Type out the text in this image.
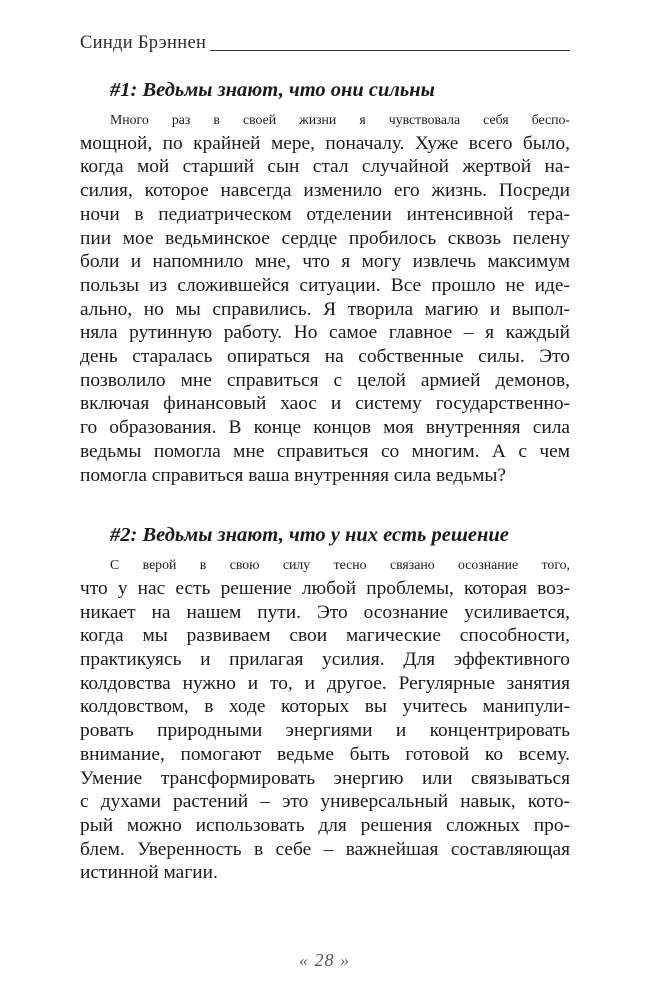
Синди Брэннен
#1: Ведьмы знают, что они сильны

Много раз в своей жизни я чувствовала себя беспо-
мощной, по крайней мере, поначалу. Хуже всего было,
когда мой старший сын стал случайной жертвой на-
силия, которое навсегда изменило его жизнь. Посреди
ночи в педиатрическом отделении интенсивной тера-
пии мое ведьминское сердце пробилось сквозь пелену
боли и напомнило мне, что я могу извлечь максимум
пользы из сложившейся ситуации. Все прошло не иде-
ально, но мы справились. Я творила магию и выпол-
няла рутинную работу. Но самое главное – я каждый
день старалась опираться на собственные силы. Это
позволило мне справиться с целой армией демонов,
включая финансовый хаос и систему государственно-
го образования. В конце концов моя внутренняя сила
ведьмы помогла мне справиться со многим. А с чем
помогла справиться ваша внутренняя сила ведьмы?

#2: Ведьмы знают, что у них есть решение

С верой в свою силу тесно связано осознание того,
что у нас есть решение любой проблемы, которая воз-
никает на нашем пути. Это осознание усиливается,
когда мы развиваем свои магические способности,
практикуясь и прилагая усилия. Для эффективного
колдовства нужно и то, и другое. Регулярные занятия
колдовством, в ходе которых вы учитесь манипули-
ровать природными энергиями и концентрировать
внимание, помогают ведьме быть готовой ко всему.
Умение трансформировать энергию или связываться
с духами растений – это универсальный навык, кото-
рый можно использовать для решения сложных про-
блем. Уверенность в себе – важнейшая составляющая
истинной магии.

« 28 »
